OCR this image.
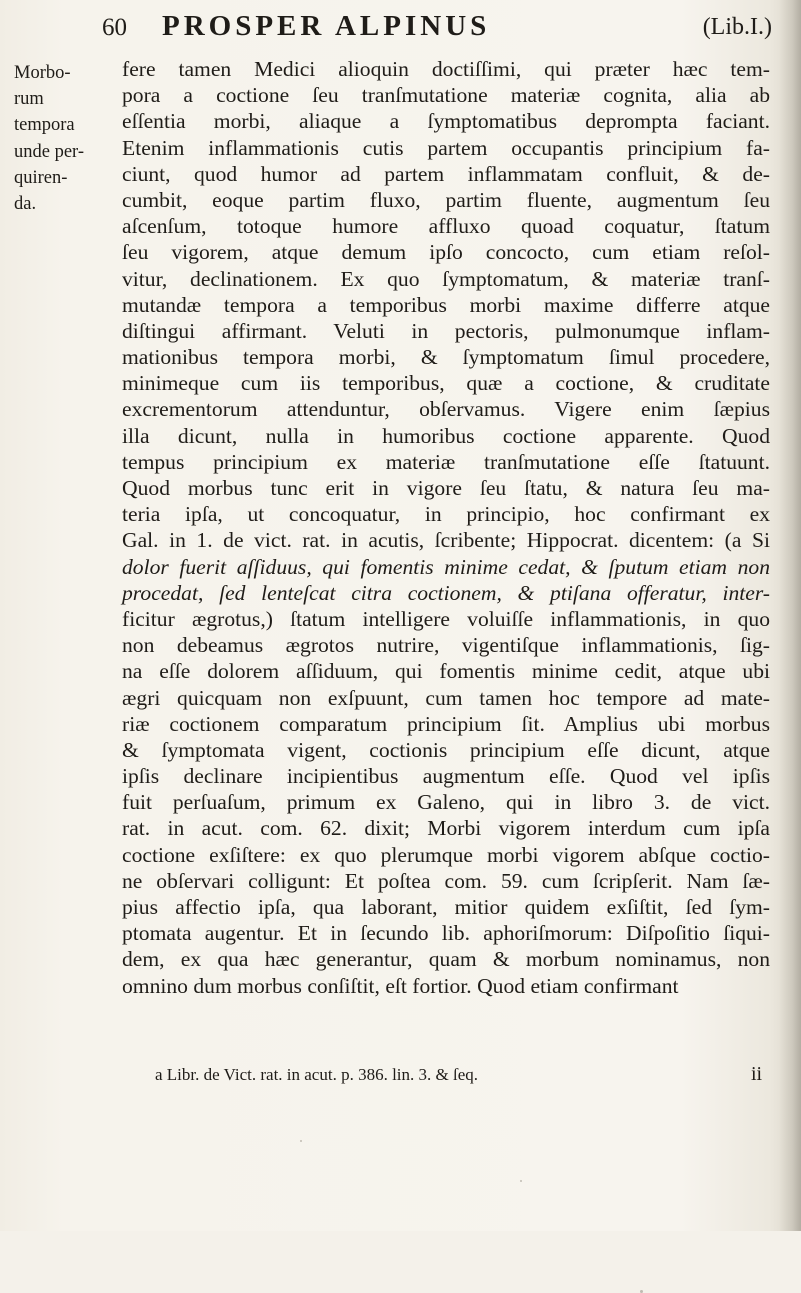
60 PROSPER ALPINUS	(Lib.I.)
Morbo-
rum
tempora
unde per-
quiren-
da.
fere tamen Medici alioquin doctiſſimi, qui præter hæc tem-
pora a coctione ſeu tranſmutatione materiæ cognita, alia ab
eſſentia morbi, aliaque a ſymptomatibus deprompta faciant.
Etenim inflammationis cutis partem occupantis principium fa-
ciunt, quod humor ad partem inflammatam confluit, & de-
cumbit, eoque partim fluxo, partim fluente, augmentum ſeu
aſcenſum, totoque humore affluxo quoad coquatur, ſtatum
ſeu vigorem, atque demum ipſo concocto, cum etiam reſol-
vitur, declinationem. Ex quo ſymptomatum, & materiæ tranſ-
mutandæ tempora a temporibus morbi maxime differre atque
diſtingui affirmant. Veluti in pectoris, pulmonumque inflam-
mationibus tempora morbi, & ſymptomatum ſimul procedere,
minimeque cum iis temporibus, quæ a coctione, & cruditate
excrementorum attenduntur, obſervamus. Vigere enim ſæpius
illa dicunt, nulla in humoribus coctione apparente. Quod
tempus principium ex materiæ tranſmutatione eſſe ſtatuunt.
Quod morbus tunc erit in vigore ſeu ſtatu, & natura ſeu ma-
teria ipſa, ut concoquatur, in principio, hoc confirmant ex
Gal. in 1. de vict. rat. in acutis, ſcribente; Hippocrat. dicentem: (a Si
dolor fuerit aſſiduus, qui fomentis minime cedat, & ſputum etiam non
procedat, ſed lenteſcat citra coctionem, & ptiſana offeratur, inter-
ficitur ægrotus,) ſtatum intelligere voluiſſe inflammationis, in quo
non debeamus ægrotos nutrire, vigentiſque inflammationis, ſig-
na eſſe dolorem aſſiduum, qui fomentis minime cedit, atque ubi
ægri quicquam non exſpuunt, cum tamen hoc tempore ad mate-
riæ coctionem comparatum principium ſit. Amplius ubi morbus
& ſymptomata vigent, coctionis principium eſſe dicunt, atque
ipſis declinare incipientibus augmentum eſſe. Quod vel ipſis
fuit perſuaſum, primum ex Galeno, qui in libro 3. de vict.
rat. in acut. com. 62. dixit; Morbi vigorem interdum cum ipſa
coctione exſiſtere: ex quo plerumque morbi vigorem abſque coctio-
ne obſervari colligunt: Et poſtea com. 59. cum ſcripſerit. Nam ſæ-
pius affectio ipſa, qua laborant, mitior quidem exſiſtit, ſed ſym-
ptomata augentur. Et in ſecundo lib. aphoriſmorum: Diſpoſitio ſiqui-
dem, ex qua hæc generantur, quam & morbum nominamus, non
omnino dum morbus conſiſtit, eſt fortior. Quod etiam confirmant
a Libr. de Vict. rat. in acut. p. 386. lin. 3. & ſeq.	ii
